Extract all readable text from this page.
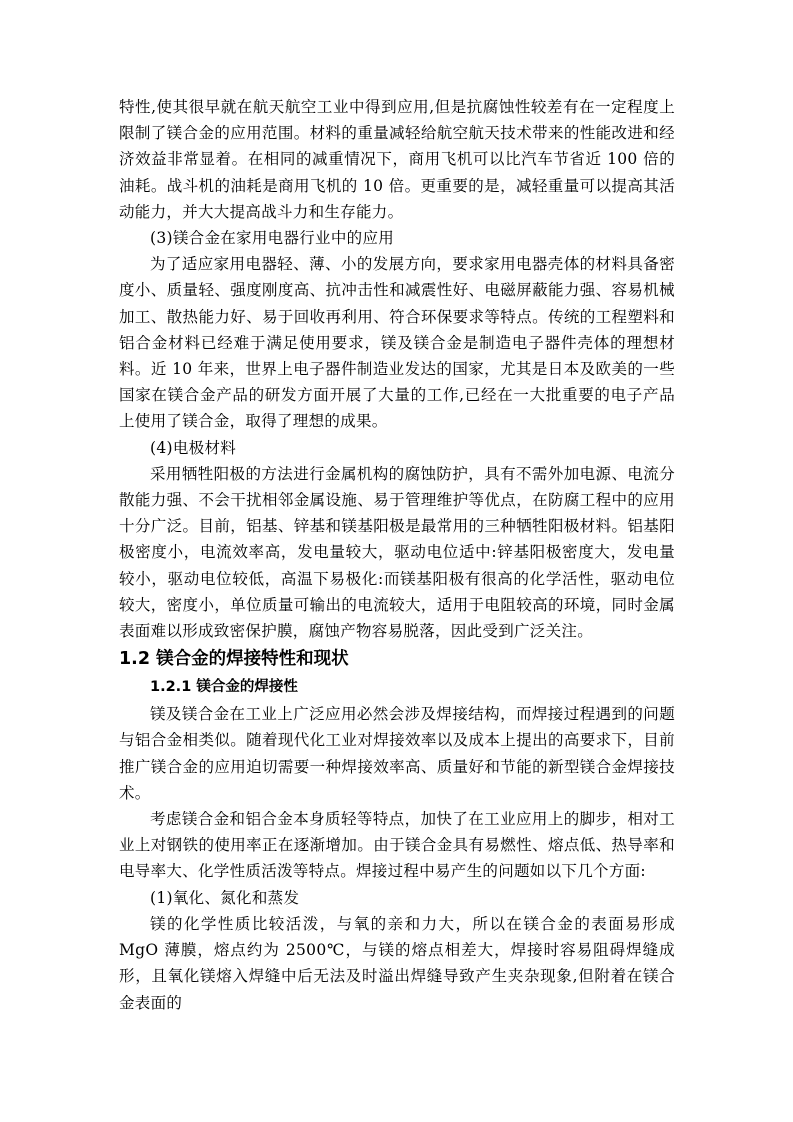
特性,使其很早就在航天航空工业中得到应用,但是抗腐蚀性较差有在一定程度上限制了镁合金的应用范围。材料的重量减轻给航空航天技术带来的性能改进和经济效益非常显着。在相同的减重情况下，商用飞机可以比汽车节省近 100 倍的油耗。战斗机的油耗是商用飞机的 10 倍。更重要的是，减轻重量可以提高其活动能力，并大大提高战斗力和生存能力。

(3)镁合金在家用电器行业中的应用

为了适应家用电器轻、薄、小的发展方向，要求家用电器壳体的材料具备密度小、质量轻、强度刚度高、抗冲击性和减震性好、电磁屏蔽能力强、容易机械加工、散热能力好、易于回收再利用、符合环保要求等特点。传统的工程塑料和铝合金材料已经难于满足使用要求，镁及镁合金是制造电子器件壳体的理想材料。近 10 年来，世界上电子器件制造业发达的国家，尤其是日本及欧美的一些国家在镁合金产品的研发方面开展了大量的工作,已经在一大批重要的电子产品上使用了镁合金，取得了理想的成果。

(4)电极材料

采用牺牲阳极的方法进行金属机构的腐蚀防护，具有不需外加电源、电流分散能力强、不会干扰相邻金属设施、易于管理维护等优点，在防腐工程中的应用十分广泛。目前，铝基、锌基和镁基阳极是最常用的三种牺牲阳极材料。铝基阳极密度小，电流效率高，发电量较大，驱动电位适中:锌基阳极密度大，发电量较小，驱动电位较低，高温下易极化:而镁基阳极有很高的化学活性，驱动电位较大，密度小，单位质量可输出的电流较大，适用于电阻较高的环境，同时金属表面难以形成致密保护膜，腐蚀产物容易脱落，因此受到广泛关注。

1.2 镁合金的焊接特性和现状

1.2.1 镁合金的焊接性

镁及镁合金在工业上广泛应用必然会涉及焊接结构，而焊接过程遇到的问题与铝合金相类似。随着现代化工业对焊接效率以及成本上提出的高要求下，目前推广镁合金的应用迫切需要一种焊接效率高、质量好和节能的新型镁合金焊接技术。

考虑镁合金和铝合金本身质轻等特点，加快了在工业应用上的脚步，相对工业上对钢铁的使用率正在逐渐增加。由于镁合金具有易燃性、熔点低、热导率和电导率大、化学性质活泼等特点。焊接过程中易产生的问题如以下几个方面:

(1)氧化、氮化和蒸发

镁的化学性质比较活泼，与氧的亲和力大，所以在镁合金的表面易形成 MgO 薄膜，熔点约为 2500℃，与镁的熔点相差大，焊接时容易阻碍焊缝成形，且氧化镁熔入焊缝中后无法及时溢出焊缝导致产生夹杂现象,但附着在镁合金表面的
